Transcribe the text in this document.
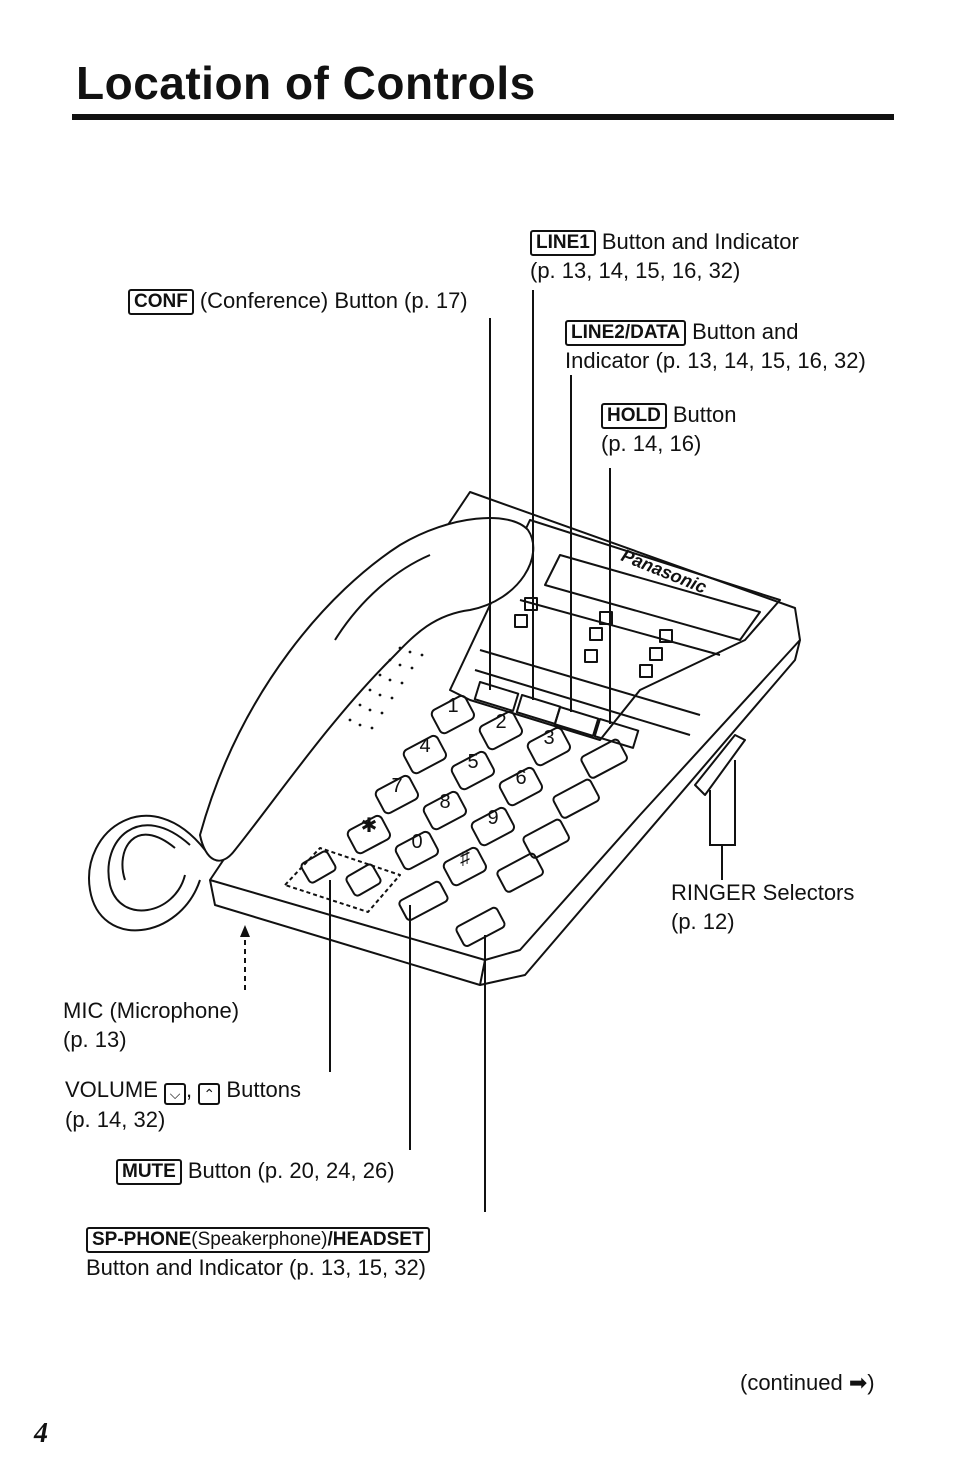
Location of Controls
1
2
3
4
5
6
7
8
9
✱
0
♯
Panasonic
LINE1 Button and Indicator
(p. 13, 14, 15, 16, 32)
CONF (Conference) Button (p. 17)
LINE2/DATA Button and
Indicator (p. 13, 14, 15, 16, 32)
HOLD Button
(p. 14, 16)
RINGER Selectors
(p. 12)
MIC (Microphone)
(p. 13)
VOLUME ⌵ , ⌃ Buttons
(p. 14, 32)
MUTE Button (p. 20, 24, 26)
SP-PHONE(Speakerphone)/HEADSET
Button and Indicator (p. 13, 15, 32)
(continued ➡)
4
